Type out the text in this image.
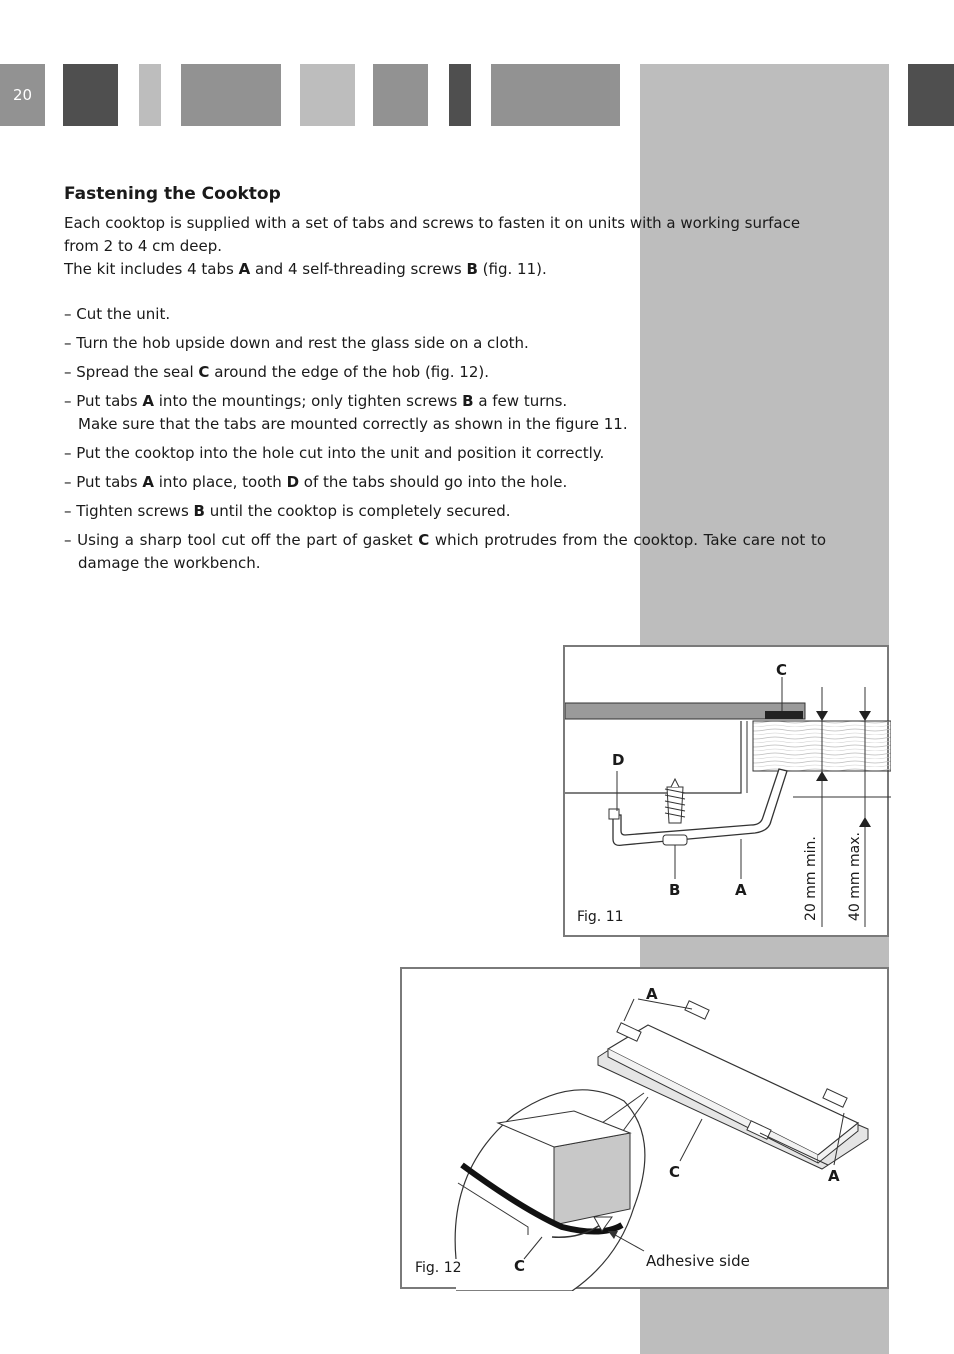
20
Fastening the Cooktop

Each cooktop is supplied with a set of tabs and screws to fasten it on units with a working surface from 2 to 4 cm deep.

The kit includes 4 tabs A and 4 self-threading screws B (fig. 11).

– Cut the unit.
– Turn the hob upside down and rest the glass side on a cloth.
– Spread the seal C around the edge of the hob (fig. 12).
– Put tabs A into the mountings; only tighten screws B a few turns.
Make sure that the tabs are mounted correctly as shown in the figure 11.
– Put the cooktop into the hole cut into the unit and position it correctly.
– Put tabs A into place, tooth D of the tabs should go into the hole.
– Tighten screws B until the cooktop is completely secured.
– Using a sharp tool cut off the part of gasket C which protrudes from the cooktop. Take care not to damage the workbench.
C
D
B	A	20 mm min. 40 mm max.
Fig. 11
A
A
C
C	Adhesive side
Fig. 12
